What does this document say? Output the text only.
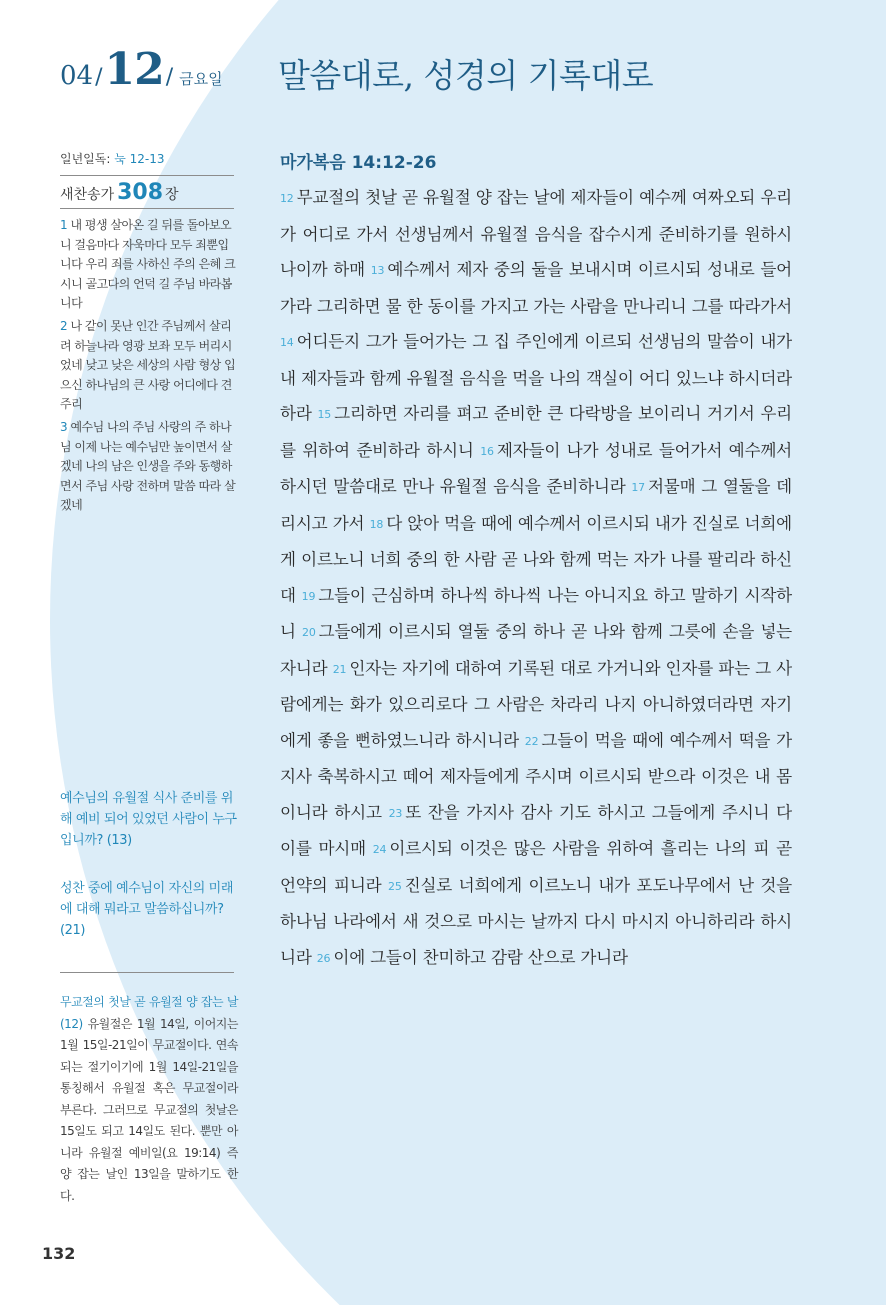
04 / 12 / 금요일 말씀대로, 성경의 기록대로
일년일독: 눅 12-13
새찬송가 308 장

1 내 평생 살아온 길 뒤를 돌아보오니 걸음마다 자욱마다 모두 죄뿐입니다 우리 죄를 사하신 주의 은혜 크시니 골고다의 언덕 길 주님 바라봅니다

2 나 같이 못난 인간 주님께서 살리려 하늘나라 영광 보좌 모두 버리시었네 낮고 낮은 세상의 사람 형상 입으신 하나님의 큰 사랑 어디에다 견주리

3 예수님 나의 주님 사랑의 주 하나님 이제 나는 예수님만 높이면서 살겠네 나의 남은 인생을 주와 동행하면서 주님 사랑 전하며 말씀 따라 살겠네

예수님의 유월절 식사 준비를 위해 예비 되어 있었던 사람이 누구입니까? (13)
성찬 중에 예수님이 자신의 미래에 대해 뭐라고 말씀하십니까? (21)
무교절의 첫날 곧 유월절 양 잡는 날(12) 유월절은 1월 14일, 이어지는 1월 15일-21일이 무교절이다. 연속 되는 절기이기에 1월 14일-21일을 통칭해서 유월절 혹은 무교절이라 부른다. 그러므로 무교절의 첫날은 15일도 되고 14일도 된다. 뿐만 아니라 유월절 예비일(요 19:14) 즉 양 잡는 날인 13일을 말하기도 한다.
132
마가복음 14:12-26
12 무교절의 첫날 곧 유월절 양 잡는 날에 제자들이 예수께 여짜오되 우리가 어디로 가서 선생님께서 유월절 음식을 잡수시게 준비하기를 원하시나이까 하매 13 예수께서 제자 중의 둘을 보내시며 이르시되 성내로 들어가라 그리하면 물 한 동이를 가지고 가는 사람을 만나리니 그를 따라가서 14 어디든지 그가 들어가는 그 집 주인에게 이르되 선생님의 말씀이 내가 내 제자들과 함께 유월절 음식을 먹을 나의 객실이 어디 있느냐 하시더라 하라 15 그리하면 자리를 펴고 준비한 큰 다락방을 보이리니 거기서 우리를 위하여 준비하라 하시니 16 제자들이 나가 성내로 들어가서 예수께서 하시던 말씀대로 만나 유월절 음식을 준비하니라 17 저물매 그 열둘을 데리시고 가서 18 다 앉아 먹을 때에 예수께서 이르시되 내가 진실로 너희에게 이르노니 너희 중의 한 사람 곧 나와 함께 먹는 자가 나를 팔리라 하신대 19 그들이 근심하며 하나씩 하나씩 나는 아니지요 하고 말하기 시작하니 20 그들에게 이르시되 열둘 중의 하나 곧 나와 함께 그릇에 손을 넣는 자니라 21 인자는 자기에 대하여 기록된 대로 가거니와 인자를 파는 그 사람에게는 화가 있으리로다 그 사람은 차라리 나지 아니하였더라면 자기에게 좋을 뻔하였느니라 하시니라 22 그들이 먹을 때에 예수께서 떡을 가지사 축복하시고 떼어 제자들에게 주시며 이르시되 받으라 이것은 내 몸이니라 하시고 23 또 잔을 가지사 감사 기도 하시고 그들에게 주시니 다 이를 마시매 24 이르시되 이것은 많은 사람을 위하여 흘리는 나의 피 곧 언약의 피니라 25 진실로 너희에게 이르노니 내가 포도나무에서 난 것을 하나님 나라에서 새 것으로 마시는 날까지 다시 마시지 아니하리라 하시니라 26 이에 그들이 찬미하고 감람 산으로 가니라
